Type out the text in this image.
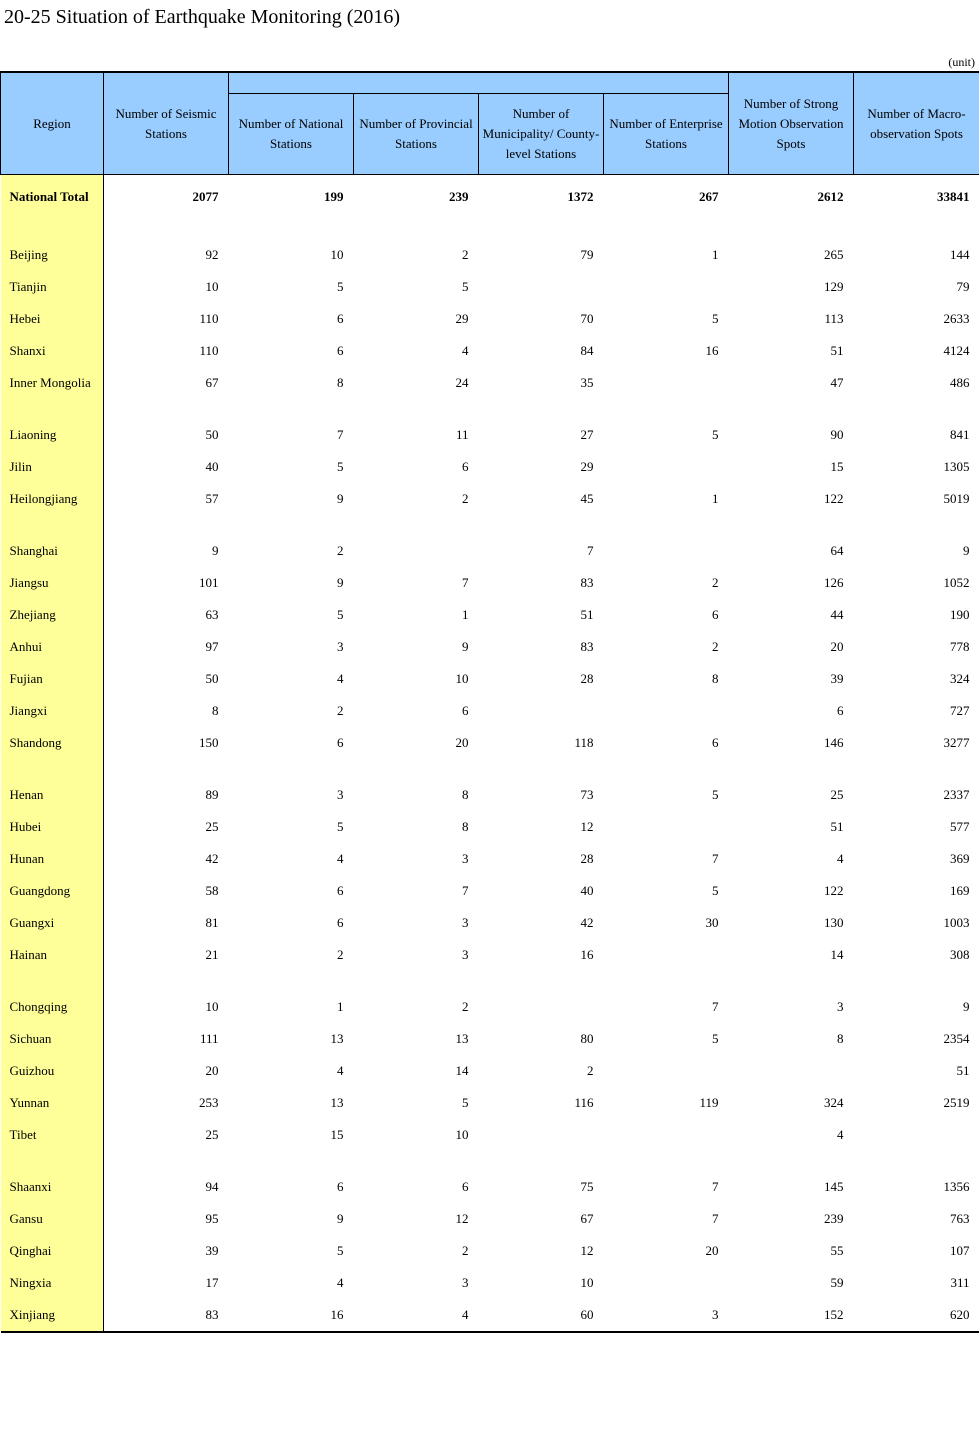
20-25 Situation of Earthquake Monitoring (2016)
(unit)
Region	Number of Seismic Stations					Number of Strong Motion Observation Spots	Number of Macro- observation Spots
		Number of National Stations	Number of Provincial Stations	Number of Municipality/ County-level Stations	Number of Enterprise Stations		
National Total	2077	199	239	1372	267	2612	33841

Beijing	92	10	2	79	1	265	144
Tianjin	10	5	5			129	79
Hebei	110	6	29	70	5	113	2633
Shanxi	110	6	4	84	16	51	4124
Inner Mongolia	67	8	24	35		47	486

Liaoning	50	7	11	27	5	90	841
Jilin	40	5	6	29		15	1305
Heilongjiang	57	9	2	45	1	122	5019

Shanghai	9	2		7		64	9
Jiangsu	101	9	7	83	2	126	1052
Zhejiang	63	5	1	51	6	44	190
Anhui	97	3	9	83	2	20	778
Fujian	50	4	10	28	8	39	324
Jiangxi	8	2	6			6	727
Shandong	150	6	20	118	6	146	3277

Henan	89	3	8	73	5	25	2337
Hubei	25	5	8	12		51	577
Hunan	42	4	3	28	7	4	369
Guangdong	58	6	7	40	5	122	169
Guangxi	81	6	3	42	30	130	1003
Hainan	21	2	3	16		14	308

Chongqing	10	1	2		7	3	9
Sichuan	111	13	13	80	5	8	2354
Guizhou	20	4	14	2			51
Yunnan	253	13	5	116	119	324	2519
Tibet	25	15	10			4	

Shaanxi	94	6	6	75	7	145	1356
Gansu	95	9	12	67	7	239	763
Qinghai	39	5	2	12	20	55	107
Ningxia	17	4	3	10		59	311
Xinjiang	83	16	4	60	3	152	620
